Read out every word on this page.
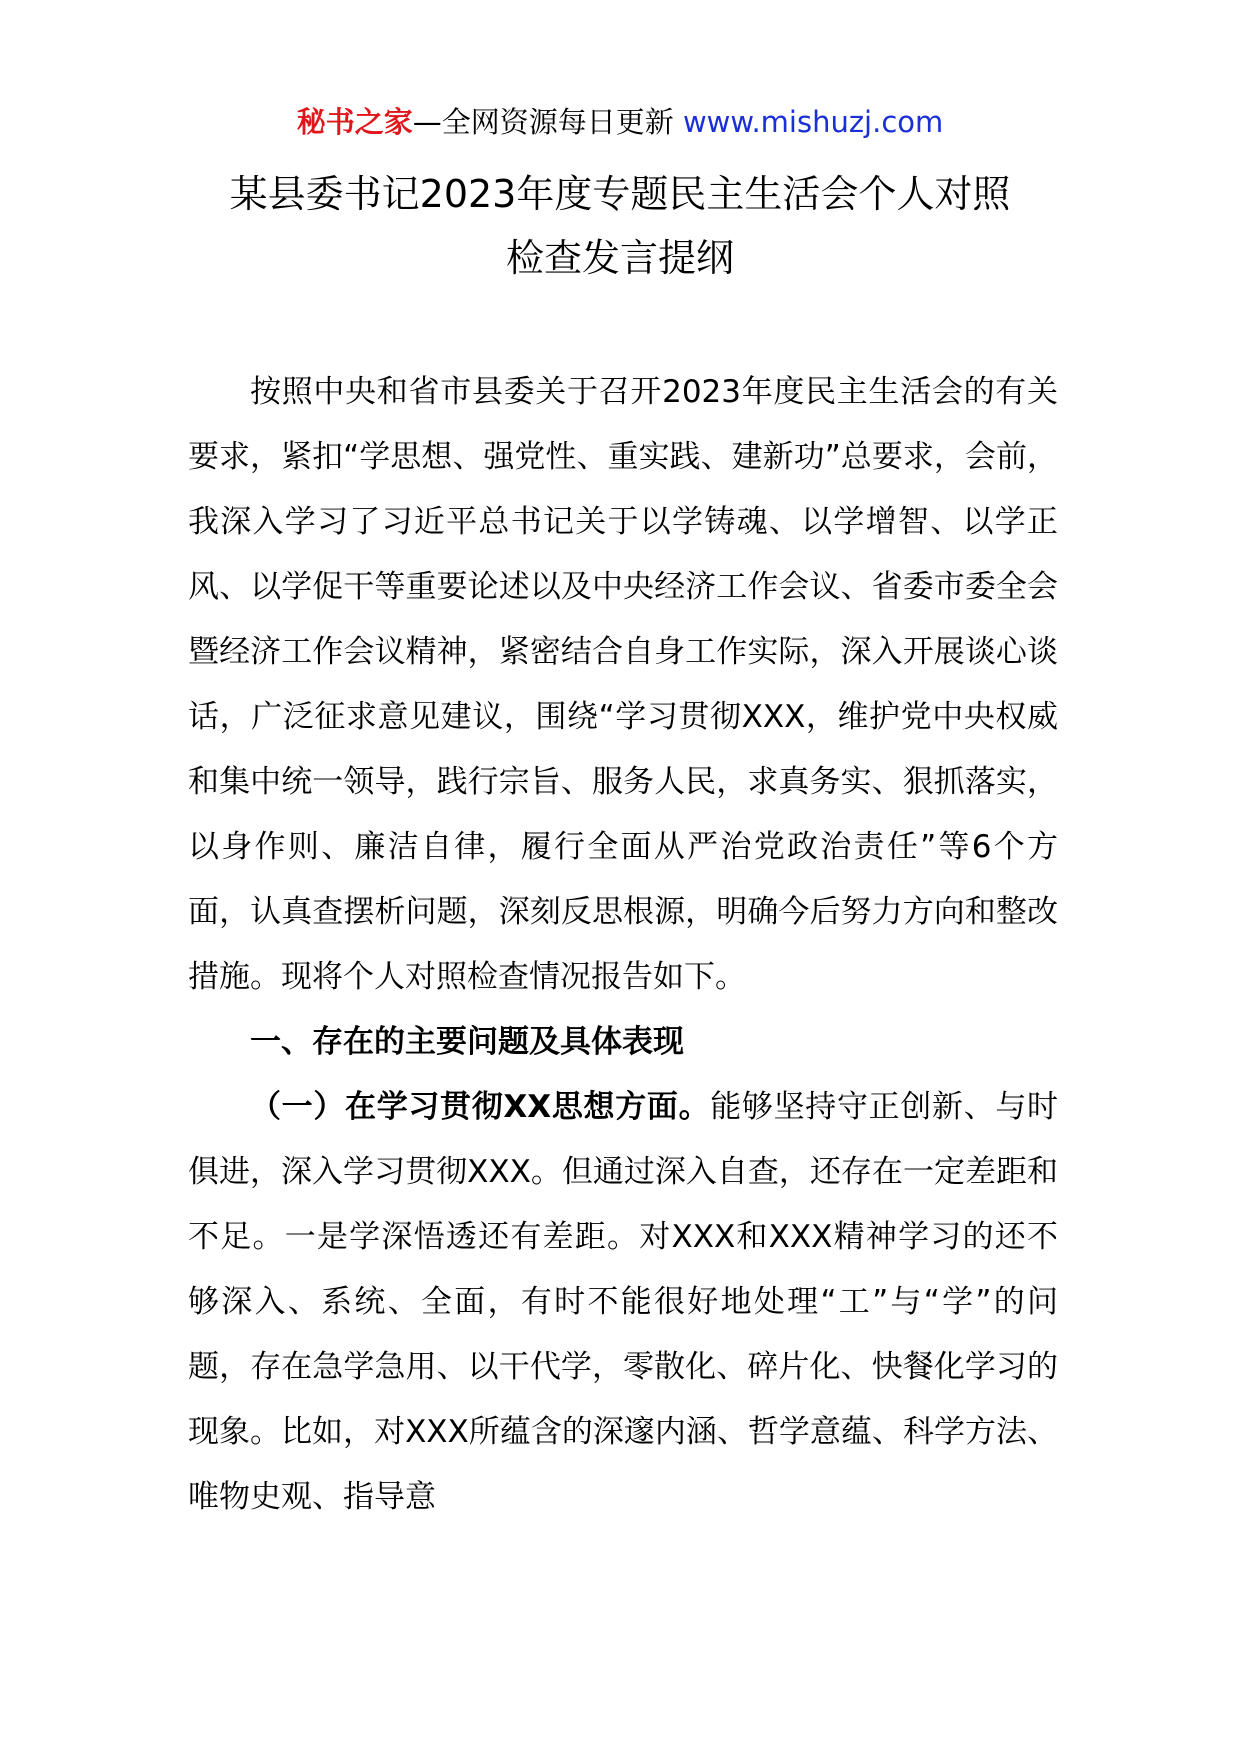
秘书之家—全网资源每日更新 www.mishuzj.com
某县委书记2023年度专题民主生活会个人对照
检查发言提纲

按照中央和省市县委关于召开2023年度民主生活会的有关要求，紧扣“学思想、强党性、重实践、建新功”总要求，会前，我深入学习了习近平总书记关于以学铸魂、以学增智、以学正风、以学促干等重要论述以及中央经济工作会议、省委市委全会暨经济工作会议精神，紧密结合自身工作实际，深入开展谈心谈话，广泛征求意见建议，围绕“学习贯彻XXX，维护党中央权威和集中统一领导，践行宗旨、服务人民，求真务实、狠抓落实，以身作则、廉洁自律，履行全面从严治党政治责任”等6个方面，认真查摆析问题，深刻反思根源，明确今后努力方向和整改措施。现将个人对照检查情况报告如下。

一、存在的主要问题及具体表现

（一）在学习贯彻XX思想方面。能够坚持守正创新、与时俱进，深入学习贯彻XXX。但通过深入自查，还存在一定差距和不足。一是学深悟透还有差距。对XXX和XXX精神学习的还不够深入、系统、全面，有时不能很好地处理“工”与“学”的问题，存在急学急用、以干代学，零散化、碎片化、快餐化学习的现象。比如，对XXX所蕴含的深邃内涵、哲学意蕴、科学方法、唯物史观、指导意
